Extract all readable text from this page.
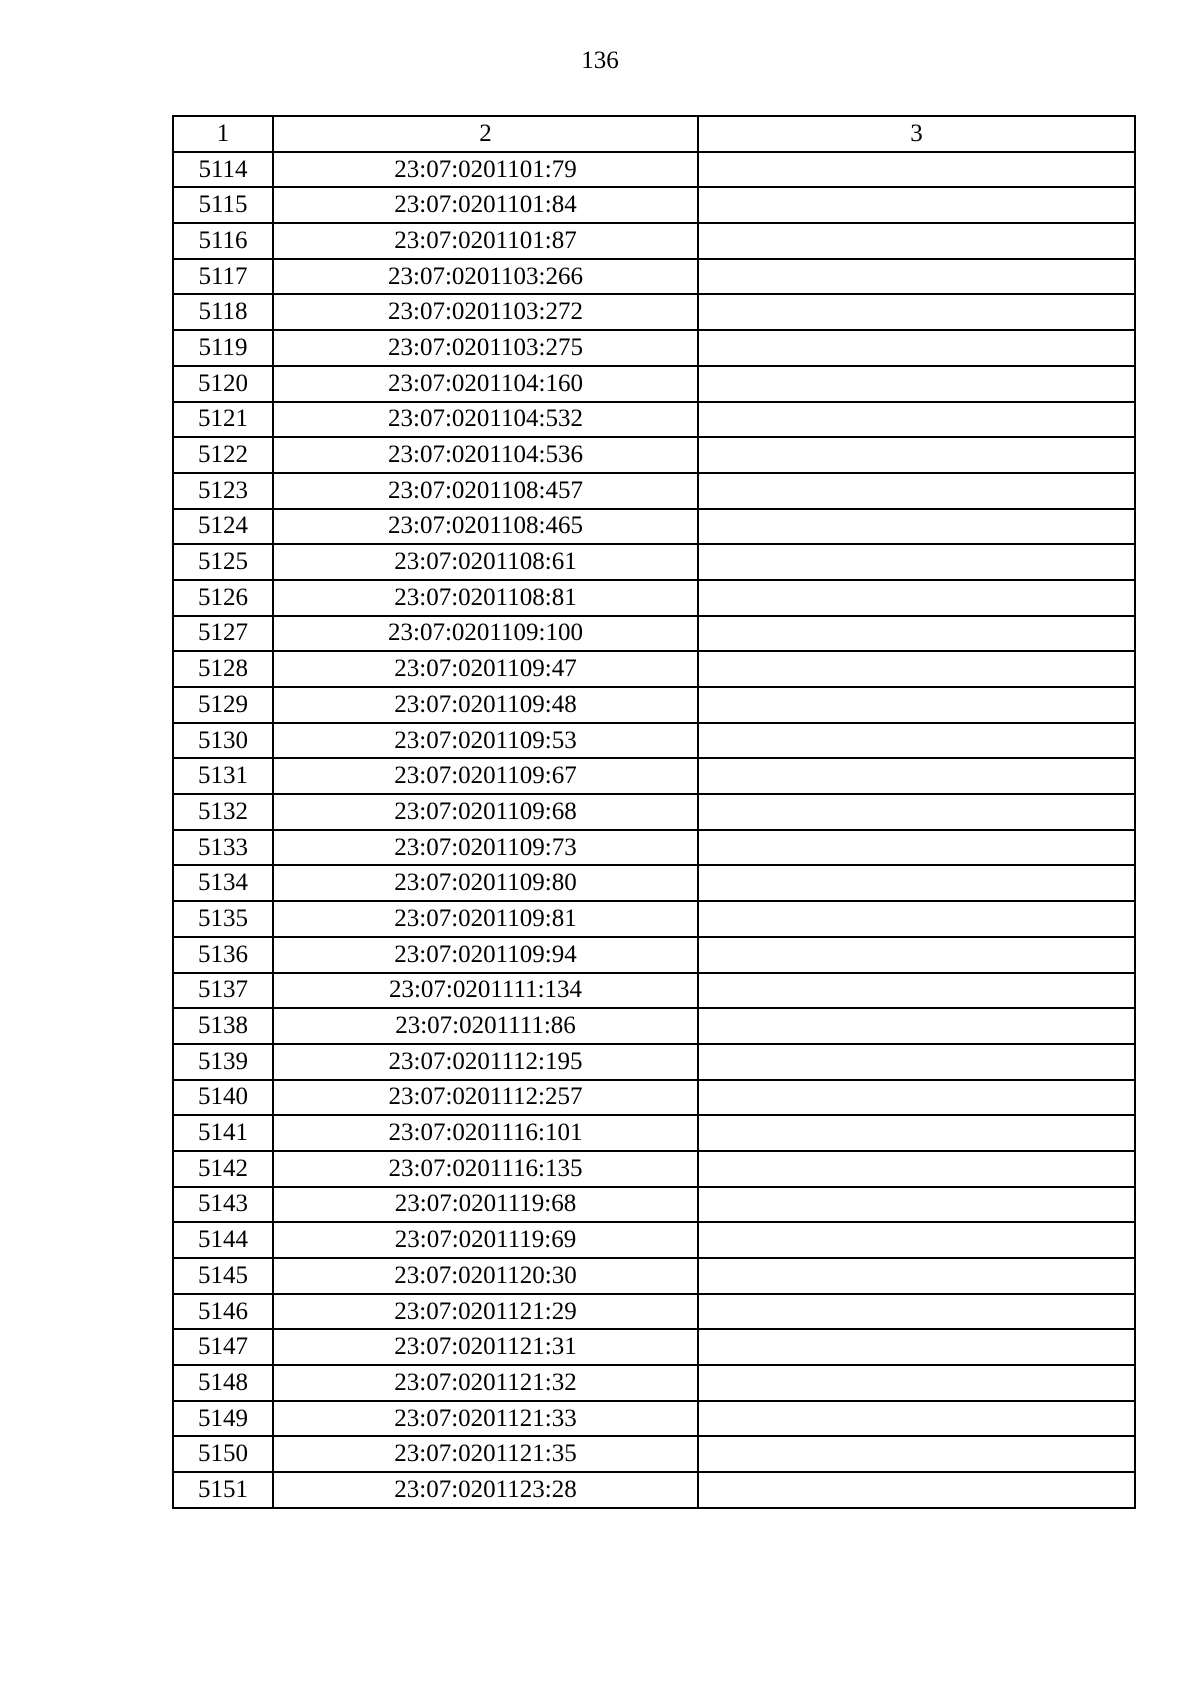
136
1	2	3
5114	23:07:0201101:79	
5115	23:07:0201101:84	
5116	23:07:0201101:87	
5117	23:07:0201103:266	
5118	23:07:0201103:272	
5119	23:07:0201103:275	
5120	23:07:0201104:160	
5121	23:07:0201104:532	
5122	23:07:0201104:536	
5123	23:07:0201108:457	
5124	23:07:0201108:465	
5125	23:07:0201108:61	
5126	23:07:0201108:81	
5127	23:07:0201109:100	
5128	23:07:0201109:47	
5129	23:07:0201109:48	
5130	23:07:0201109:53	
5131	23:07:0201109:67	
5132	23:07:0201109:68	
5133	23:07:0201109:73	
5134	23:07:0201109:80	
5135	23:07:0201109:81	
5136	23:07:0201109:94	
5137	23:07:0201111:134	
5138	23:07:0201111:86	
5139	23:07:0201112:195	
5140	23:07:0201112:257	
5141	23:07:0201116:101	
5142	23:07:0201116:135	
5143	23:07:0201119:68	
5144	23:07:0201119:69	
5145	23:07:0201120:30	
5146	23:07:0201121:29	
5147	23:07:0201121:31	
5148	23:07:0201121:32	
5149	23:07:0201121:33	
5150	23:07:0201121:35	
5151	23:07:0201123:28	
